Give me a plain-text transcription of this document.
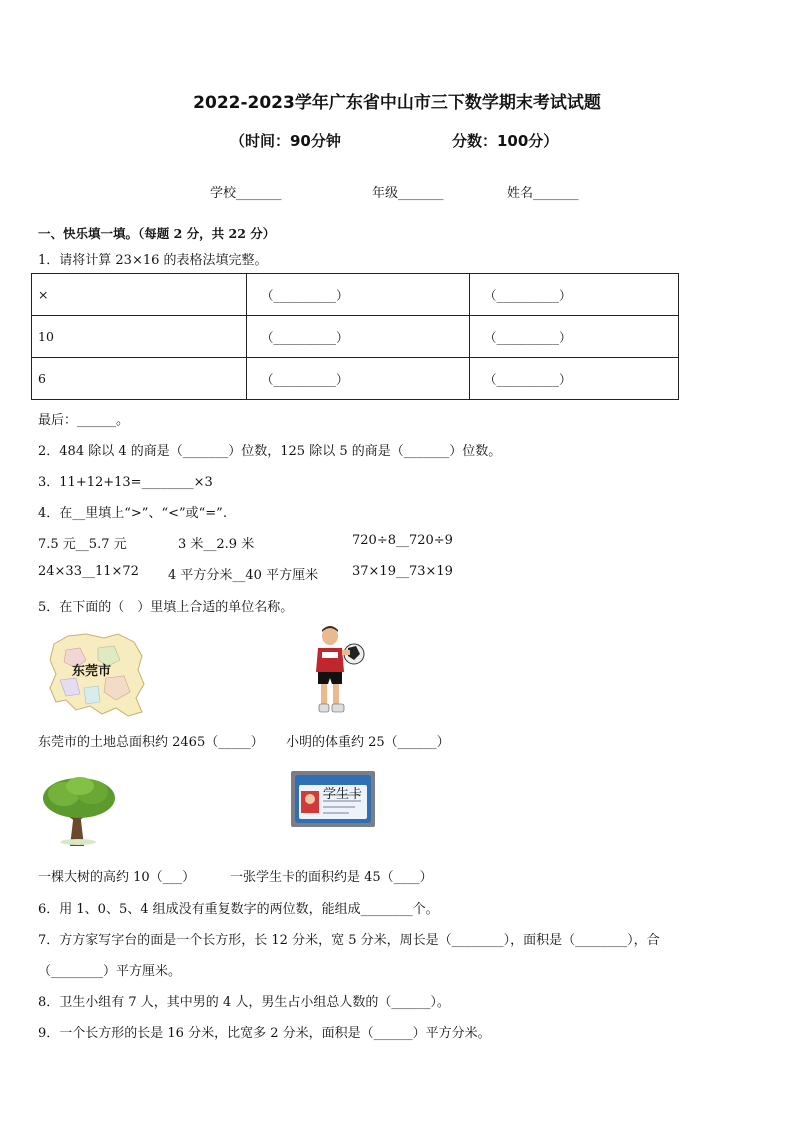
2022-2023学年广东省中山市三下数学期末考试试题
（时间：90分钟	分数：100分）
学校_______	年级_______	姓名_______
一、快乐填一填。（每题 2 分，共 22 分）
1．请将计算 23×16 的表格法填完整。
×	（__________）	（__________）
10	（__________）	（__________）
6	（__________）	（__________）
最后：______。
2．484 除以 4 的商是（_______）位数，125 除以 5 的商是（_______）位数。
3．11+12+13=________×3
4．在__里填上“>”、“<”或“=”.
7.5 元__5.7 元	3 米__2.9 米	720÷8__720÷9
24×33__11×72 4 平方分米__40 平方厘米	37×19__73×19
5．在下面的（　）里填上合适的单位名称。
东莞市
东莞市的土地总面积约 2465（_____） 小明的体重约 25（______）
学生卡
一棵大树的高约 10（___）	一张学生卡的面积约是 45（____）
6．用 1、0、5、4 组成没有重复数字的两位数，能组成________个。
7．方方家写字台的面是一个长方形，长 12 分米，宽 5 分米，周长是（________），面积是（________），合
（________）平方厘米。
8．卫生小组有 7 人，其中男的 4 人，男生占小组总人数的（______）。
9．一个长方形的长是 16 分米，比宽多 2 分米，面积是（______）平方分米。
